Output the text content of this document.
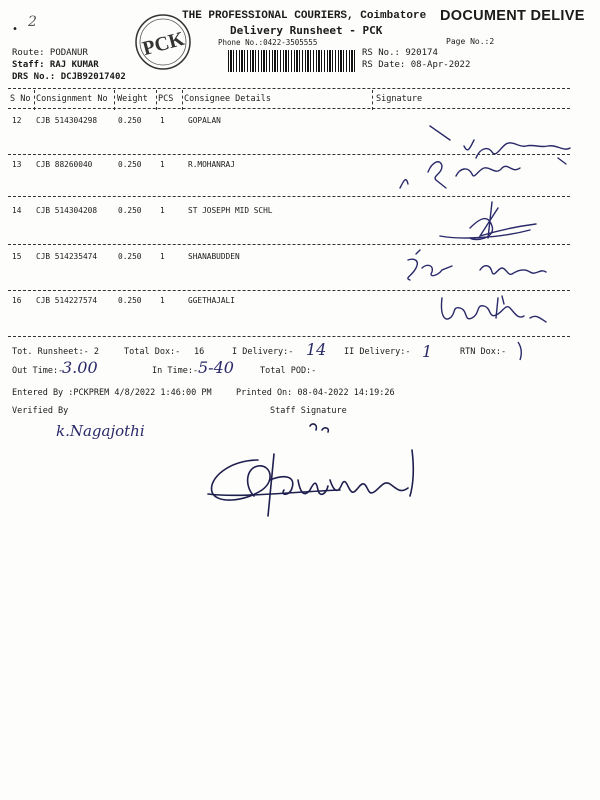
2
•	PCK
THE PROFESSIONAL COURIERS, Coimbatore
Delivery Runsheet - PCK
Phone No.:0422-3505555
DOCUMENT DELIVE
Page No.:2
Route: PODANUR
Staff: RAJ KUMAR
DRS No.: DCJB92017402
RS No.: 920174
RS Date: 08-Apr-2022
S No Consignment No Weight PCS Consignee Details	Signature
12 CJB 514304298	0.250 1	GOPALAN
13 CJB 88260040	0.250 1	R.MOHANRAJ
14 CJB 514304208	0.250 1	ST JOSEPH MID SCHL
15 CJB 514235474	0.250 1	SHANABUDDEN
16 CJB 514227574	0.250 1	GGETHAJALI
Tot. Runsheet:- 2	Total Dox:- 16	I Delivery:- 14 II Delivery:- 1	RTN Dox:-
Out Time:-
3.00	In Time:- 5-40	Total POD:-
Entered By :PCKPREM 4/8/2022 1:46:00 PM	Printed On: 08-04-2022 14:19:26
Verified By	Staff Signature
k.Nagajothi
